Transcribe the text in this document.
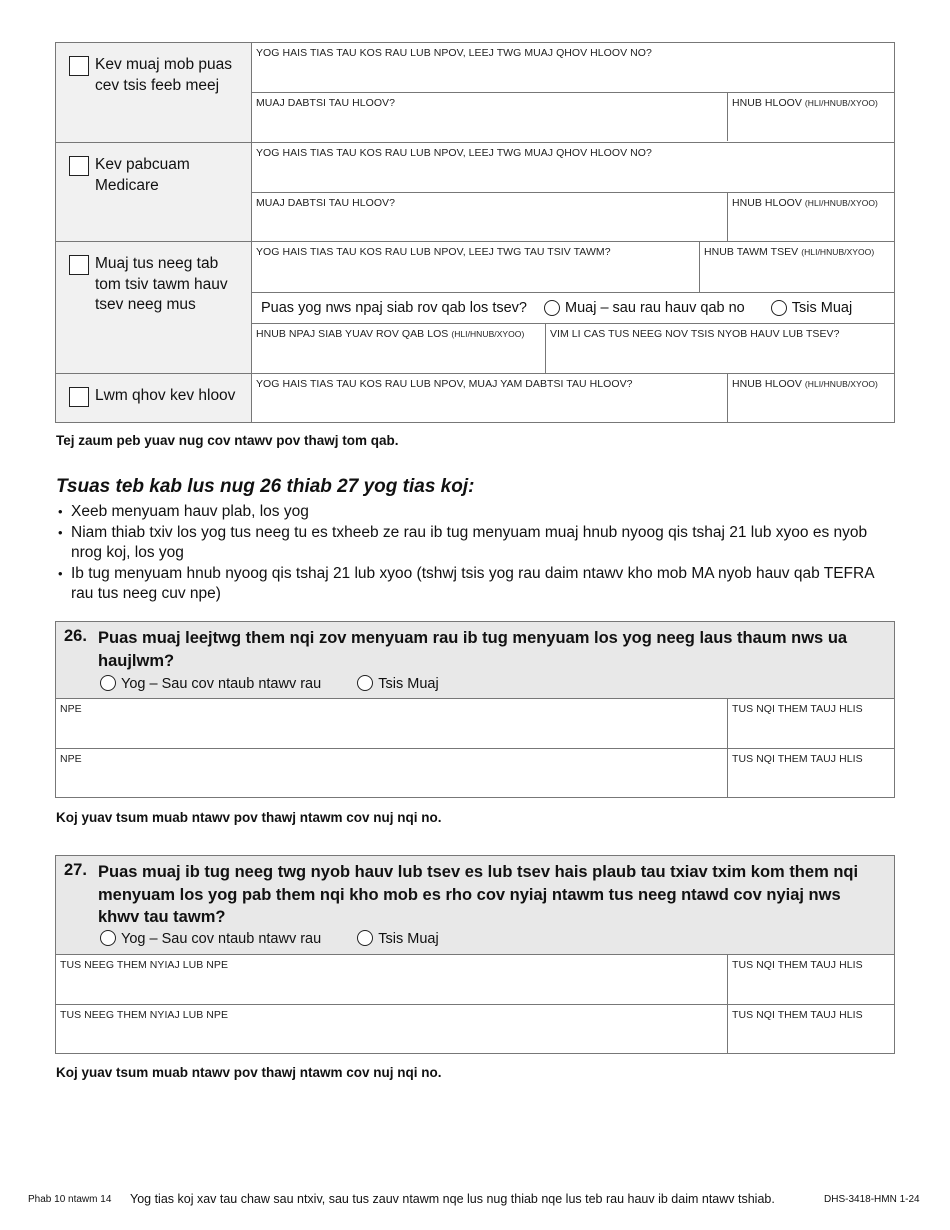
Kev muaj mob puas cev tsis feeb meej
YOG HAIS TIAS TAU KOS RAU LUB NPOV, LEEJ TWG MUAJ QHOV HLOOV NO?
MUAJ DABTSI TAU HLOOV?	HNUB HLOOV (HLI/HNUB/XYOO)
Kev pabcuam Medicare
YOG HAIS TIAS TAU KOS RAU LUB NPOV, LEEJ TWG MUAJ QHOV HLOOV NO?
MUAJ DABTSI TAU HLOOV?	HNUB HLOOV (HLI/HNUB/XYOO)
Muaj tus neeg tab tom tsiv tawm hauv tsev neeg mus
YOG HAIS TIAS TAU KOS RAU LUB NPOV, LEEJ TWG TAU TSIV TAWM?	HNUB TAWM TSEV (HLI/HNUB/XYOO)
Puas yog nws npaj siab rov qab los tsev?	Muaj – sau rau hauv qab no	Tsis Muaj
HNUB NPAJ SIAB YUAV ROV QAB LOS (HLI/HNUB/XYOO) VIM LI CAS TUS NEEG NOV TSIS NYOB HAUV LUB TSEV?
Lwm qhov kev hloov
YOG HAIS TIAS TAU KOS RAU LUB NPOV, MUAJ YAM DABTSI TAU HLOOV?	HNUB HLOOV (HLI/HNUB/XYOO)
Tej zaum peb yuav nug cov ntawv pov thawj tom qab.
Tsuas teb kab lus nug 26 thiab 27 yog tias koj:
• Xeeb menyuam hauv plab, los yog
• Niam thiab txiv los yog tus neeg tu es txheeb ze rau ib tug menyuam muaj hnub nyoog qis tshaj 21 lub xyoo es nyob nrog koj, los yog
• Ib tug menyuam hnub nyoog qis tshaj 21 lub xyoo (tshwj tsis yog rau daim ntawv kho mob MA nyob hauv qab TEFRA rau tus neeg cuv npe)
26. Puas muaj leejtwg them nqi zov menyuam rau ib tug menyuam los yog neeg laus thaum nws ua haujlwm?
Yog – Sau cov ntaub ntawv rau	Tsis Muaj
NPE	TUS NQI THEM TAUJ HLIS
NPE	TUS NQI THEM TAUJ HLIS
Koj yuav tsum muab ntawv pov thawj ntawm cov nuj nqi no.
27. Puas muaj ib tug neeg twg nyob hauv lub tsev es lub tsev hais plaub tau txiav txim kom them nqi menyuam los yog pab them nqi kho mob es rho cov nyiaj ntawm tus neeg ntawd cov nyiaj nws khwv tau tawm?
Yog – Sau cov ntaub ntawv rau	Tsis Muaj
TUS NEEG THEM NYIAJ LUB NPE	TUS NQI THEM TAUJ HLIS
TUS NEEG THEM NYIAJ LUB NPE	TUS NQI THEM TAUJ HLIS
Koj yuav tsum muab ntawv pov thawj ntawm cov nuj nqi no.
Phab 10 ntawm 14 Yog tias koj xav tau chaw sau ntxiv, sau tus zauv ntawm nqe lus nug thiab nqe lus teb rau hauv ib daim ntawv tshiab.	DHS-3418-HMN 1-24
